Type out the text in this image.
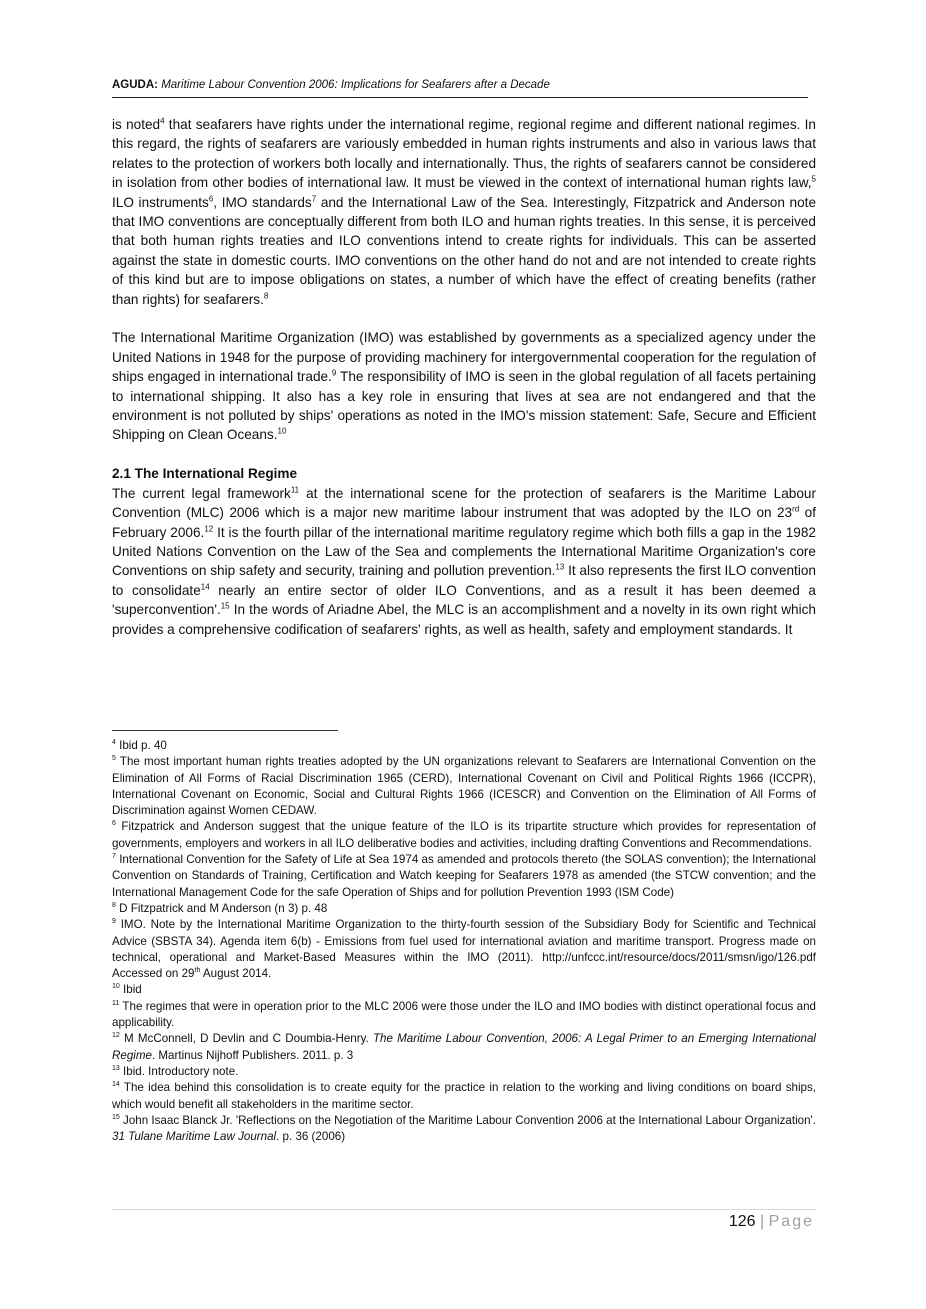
AGUDA: Maritime Labour Convention 2006: Implications for Seafarers after a Decade

is noted$^4$ that seafarers have rights under the international regime, regional regime and different national regimes. In this regard, the rights of seafarers are variously embedded in human rights instruments and also in various laws that relates to the protection of workers both locally and internationally. Thus, the rights of seafarers cannot be considered in isolation from other bodies of international law. It must be viewed in the context of international human rights law,$^5$ ILO instruments$^6$, IMO standards$^7$ and the International Law of the Sea. Interestingly, Fitzpatrick and Anderson note that IMO conventions are conceptually different from both ILO and human rights treaties. In this sense, it is perceived that both human rights treaties and ILO conventions intend to create rights for individuals. This can be asserted against the state in domestic courts. IMO conventions on the other hand do not and are not intended to create rights of this kind but are to impose obligations on states, a number of which have the effect of creating benefits (rather than rights) for seafarers.$^8$

The International Maritime Organization (IMO) was established by governments as a specialized agency under the United Nations in 1948 for the purpose of providing machinery for intergovernmental cooperation for the regulation of ships engaged in international trade.$^9$ The responsibility of IMO is seen in the global regulation of all facets pertaining to international shipping. It also has a key role in ensuring that lives at sea are not endangered and that the environment is not polluted by ships' operations as noted in the IMO's mission statement: Safe, Secure and Efficient Shipping on Clean Oceans.$^{10}$

2.1 The International Regime

The current legal framework$^{11}$ at the international scene for the protection of seafarers is the Maritime Labour Convention (MLC) 2006 which is a major new maritime labour instrument that was adopted by the ILO on 23rd of February 2006.12 It is the fourth pillar of the international maritime regulatory regime which both fills a gap in the 1982 United Nations Convention on the Law of the Sea and complements the International Maritime Organization's core Conventions on ship safety and security, training and pollution prevention.$^{13}$ It also represents the first ILO convention to consolidate$^{14}$ nearly an entire sector of older ILO Conventions, and as a result it has been deemed a 'superconvention'.$^{15}$ In the words of Ariadne Abel, the MLC is an accomplishment and a novelty in its own right which provides a comprehensive codification of seafarers' rights, as well as health, safety and employment standards. It

$^4$ Ibid p. 40

$^5$ The most important human rights treaties adopted by the UN organizations relevant to Seafarers are International Convention on the Elimination of All Forms of Racial Discrimination 1965 (CERD), International Covenant on Civil and Political Rights 1966 (ICCPR), International Covenant on Economic, Social and Cultural Rights 1966 (ICESCR) and Convention on the Elimination of All Forms of Discrimination against Women CEDAW.

$^6$ Fitzpatrick and Anderson suggest that the unique feature of the ILO is its tripartite structure which provides for representation of governments, employers and workers in all ILO deliberative bodies and activities, including drafting Conventions and Recommendations.

$^7$ International Convention for the Safety of Life at Sea 1974 as amended and protocols thereto (the SOLAS convention); the International Convention on Standards of Training, Certification and Watch keeping for Seafarers 1978 as amended (the STCW convention; and the International Management Code for the safe Operation of Ships and for pollution Prevention 1993 (ISM Code)

$^8$ D Fitzpatrick and M Anderson (n 3) p. 48

$^9$ IMO. Note by the International Maritime Organization to the thirty-fourth session of the Subsidiary Body for Scientific and Technical Advice (SBSTA 34). Agenda item 6(b) - Emissions from fuel used for international aviation and maritime transport. Progress made on technical, operational and Market-Based Measures within the IMO (2011). http://unfccc.int/resource/docs/2011/smsn/igo/126.pdf Accessed on 29th August 2014.

$^{10}$ Ibid

$^{11}$ The regimes that were in operation prior to the MLC 2006 were those under the ILO and IMO bodies with distinct operational focus and applicability.

$^{12}$ M McConnell, D Devlin and C Doumbia-Henry. The Maritime Labour Convention, 2006: A Legal Primer to an Emerging International Regime. Martinus Nijhoff Publishers. 2011. p. 3

$^{13}$ Ibid. Introductory note.

$^{14}$ The idea behind this consolidation is to create equity for the practice in relation to the working and living conditions on board ships, which would benefit all stakeholders in the maritime sector.

$^{15}$ John Isaac Blanck Jr. 'Reflections on the Negotiation of the Maritime Labour Convention 2006 at the International Labour Organization'. 31 Tulane Maritime Law Journal. p. 36 (2006)

126 | Page
